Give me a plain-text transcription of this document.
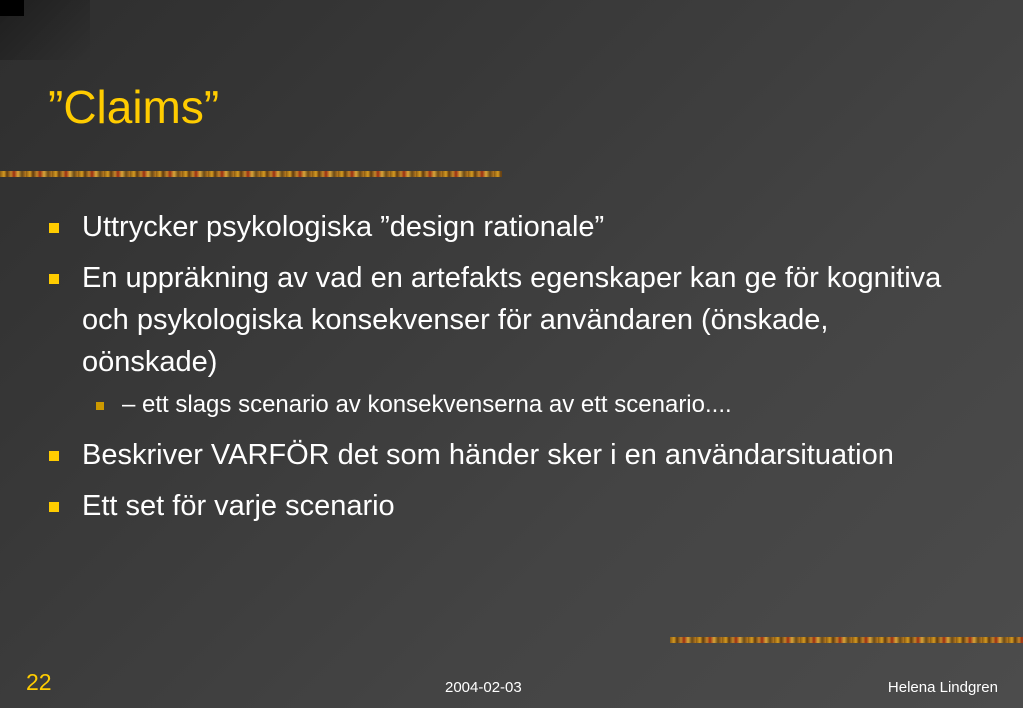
”Claims”
Uttrycker psykologiska ”design rationale”
En uppräkning av vad en artefakts egenskaper kan ge för kognitiva och psykologiska konsekvenser för användaren (önskade, oönskade)
– ett slags scenario av konsekvenserna av ett scenario....
Beskriver VARFÖR det som händer sker i en användarsituation
Ett set för varje scenario
22	2004-02-03	Helena Lindgren
